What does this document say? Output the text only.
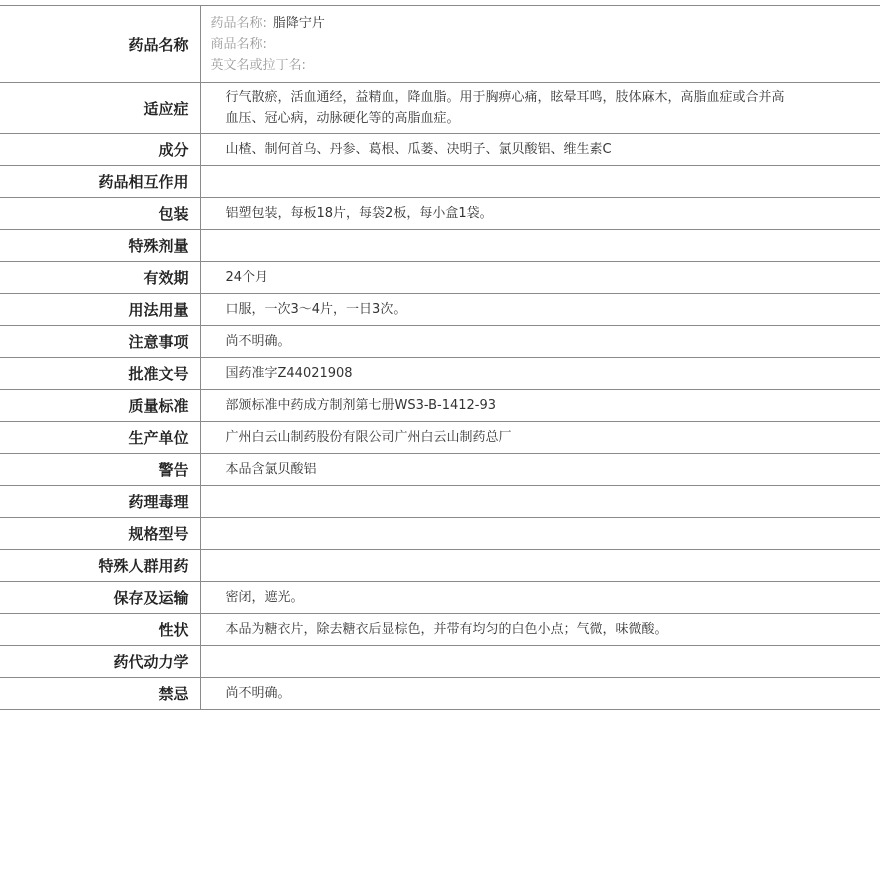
药品名称	药品名称: 脂降宁片
商品名称:
英文名或拉丁名:

适应症	行气散瘀，活血通经，益精血，降血脂。用于胸痹心痛，眩晕耳鸣，肢体麻木，高脂血症或合并高血压、冠心病，动脉硬化等的高脂血症。
成分	山楂、制何首乌、丹参、葛根、瓜蒌、决明子、氯贝酸铝、维生素C
药品相互作用	
包装	铝塑包装，每板18片，每袋2板，每小盒1袋。
特殊剂量	
有效期	24个月
用法用量	口服，一次3～4片，一日3次。
注意事项	尚不明确。
批准文号	国药准字Z44021908
质量标准	部颁标准中药成方制剂第七册WS3-B-1412-93
生产单位	广州白云山制药股份有限公司广州白云山制药总厂
警告	本品含氯贝酸铝
药理毒理	
规格型号	
特殊人群用药	
保存及运输	密闭，遮光。
性状	本品为糖衣片，除去糖衣后显棕色，并带有均匀的白色小点；气微，味微酸。
药代动力学	
禁忌	尚不明确。
